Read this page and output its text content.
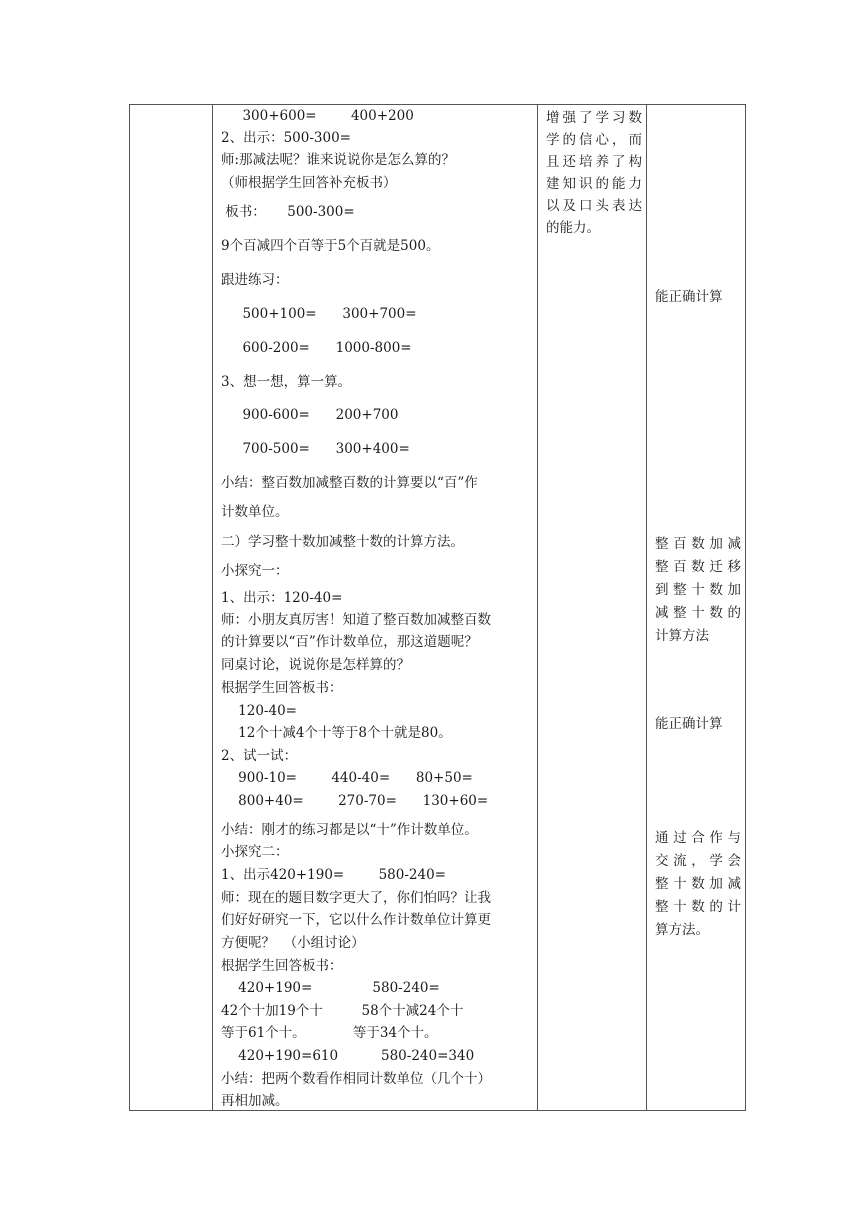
300+600=        400+200
2、出示：500-300=
师:那减法呢？谁来说说你是怎么算的？
（师根据学生回答补充板书）
板书：     500-300=
9个百减四个百等于5个百就是500。
跟进练习：
500+100=      300+700=
600-200=      1000-800=
3、想一想，算一算。
900-600=      200+700
700-500=      300+400=
小结：整百数加减整百数的计算要以“百”作
计数单位。
二）学习整十数加减整十数的计算方法。
小探究一：
1、出示：120-40=
师：小朋友真厉害！知道了整百数加减整百数
的计算要以“百”作计数单位，那这道题呢？
同桌讨论，说说你是怎样算的？
根据学生回答板书：
120-40=
12个十减4个十等于8个十就是80。
2、试一试：
900-10=        440-40=      80+50=
800+40=        270-70=      130+60=
小结：刚才的练习都是以“十”作计数单位。
小探究二：
1、出示420+190=        580-240=
师：现在的题目数字更大了，你们怕吗？让我
们好好研究一下，它以什么作计数单位计算更
方便呢？  （小组讨论）
根据学生回答板书：
420+190=              580-240=
42个十加19个十         58个十减24个十
等于61个十。           等于34个十。
420+190=610          580-240=340
小结：把两个数看作相同计数单位（几个十）
再相加减。
增强了学习数
学的信心，而
且还培养了构
建知识的能力
以及口头表达
的能力。
能正确计算
整百数加减
整百数迁移
到整十数加
减整十数的
计算方法
能正确计算
通过合作与
交流，学会
整十数加减
整十数的计
算方法。
